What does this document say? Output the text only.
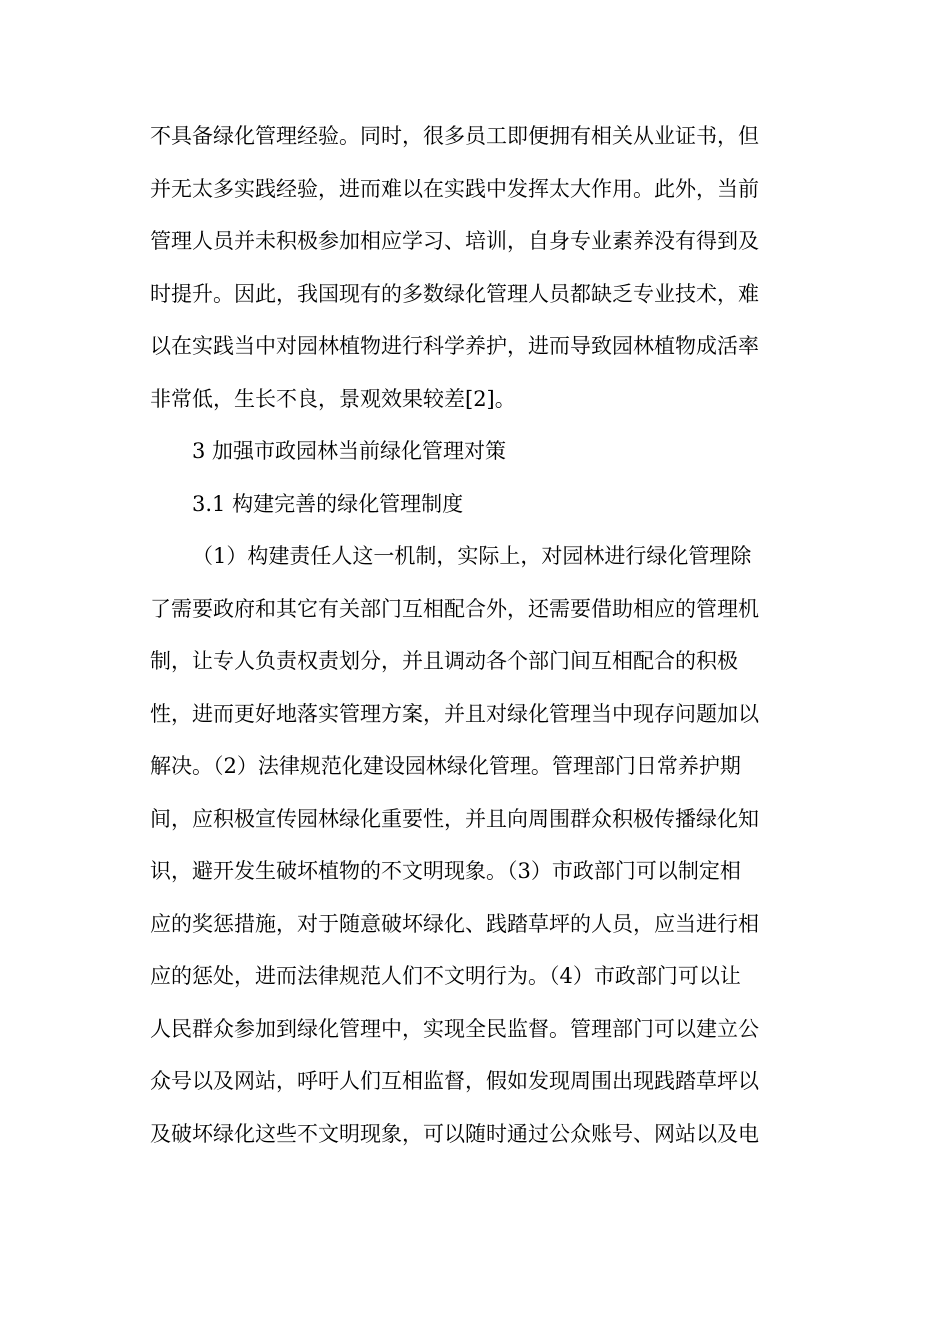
不具备绿化管理经验。同时，很多员工即便拥有相关从业证书，但
并无太多实践经验，进而难以在实践中发挥太大作用。此外，当前
管理人员并未积极参加相应学习、培训，自身专业素养没有得到及
时提升。因此，我国现有的多数绿化管理人员都缺乏专业技术，难
以在实践当中对园林植物进行科学养护，进而导致园林植物成活率
非常低，生长不良，景观效果较差[2]。
3 加强市政园林当前绿化管理对策
3.1 构建完善的绿化管理制度
（1）构建责任人这一机制，实际上，对园林进行绿化管理除
了需要政府和其它有关部门互相配合外，还需要借助相应的管理机
制，让专人负责权责划分，并且调动各个部门间互相配合的积极
性，进而更好地落实管理方案，并且对绿化管理当中现存问题加以
解决。（2）法律规范化建设园林绿化管理。管理部门日常养护期
间，应积极宣传园林绿化重要性，并且向周围群众积极传播绿化知
识，避开发生破坏植物的不文明现象。（3）市政部门可以制定相
应的奖惩措施，对于随意破坏绿化、践踏草坪的人员，应当进行相
应的惩处，进而法律规范人们不文明行为。（4）市政部门可以让
人民群众参加到绿化管理中，实现全民监督。管理部门可以建立公
众号以及网站，呼吁人们互相监督，假如发现周围出现践踏草坪以
及破坏绿化这些不文明现象，可以随时通过公众账号、网站以及电
